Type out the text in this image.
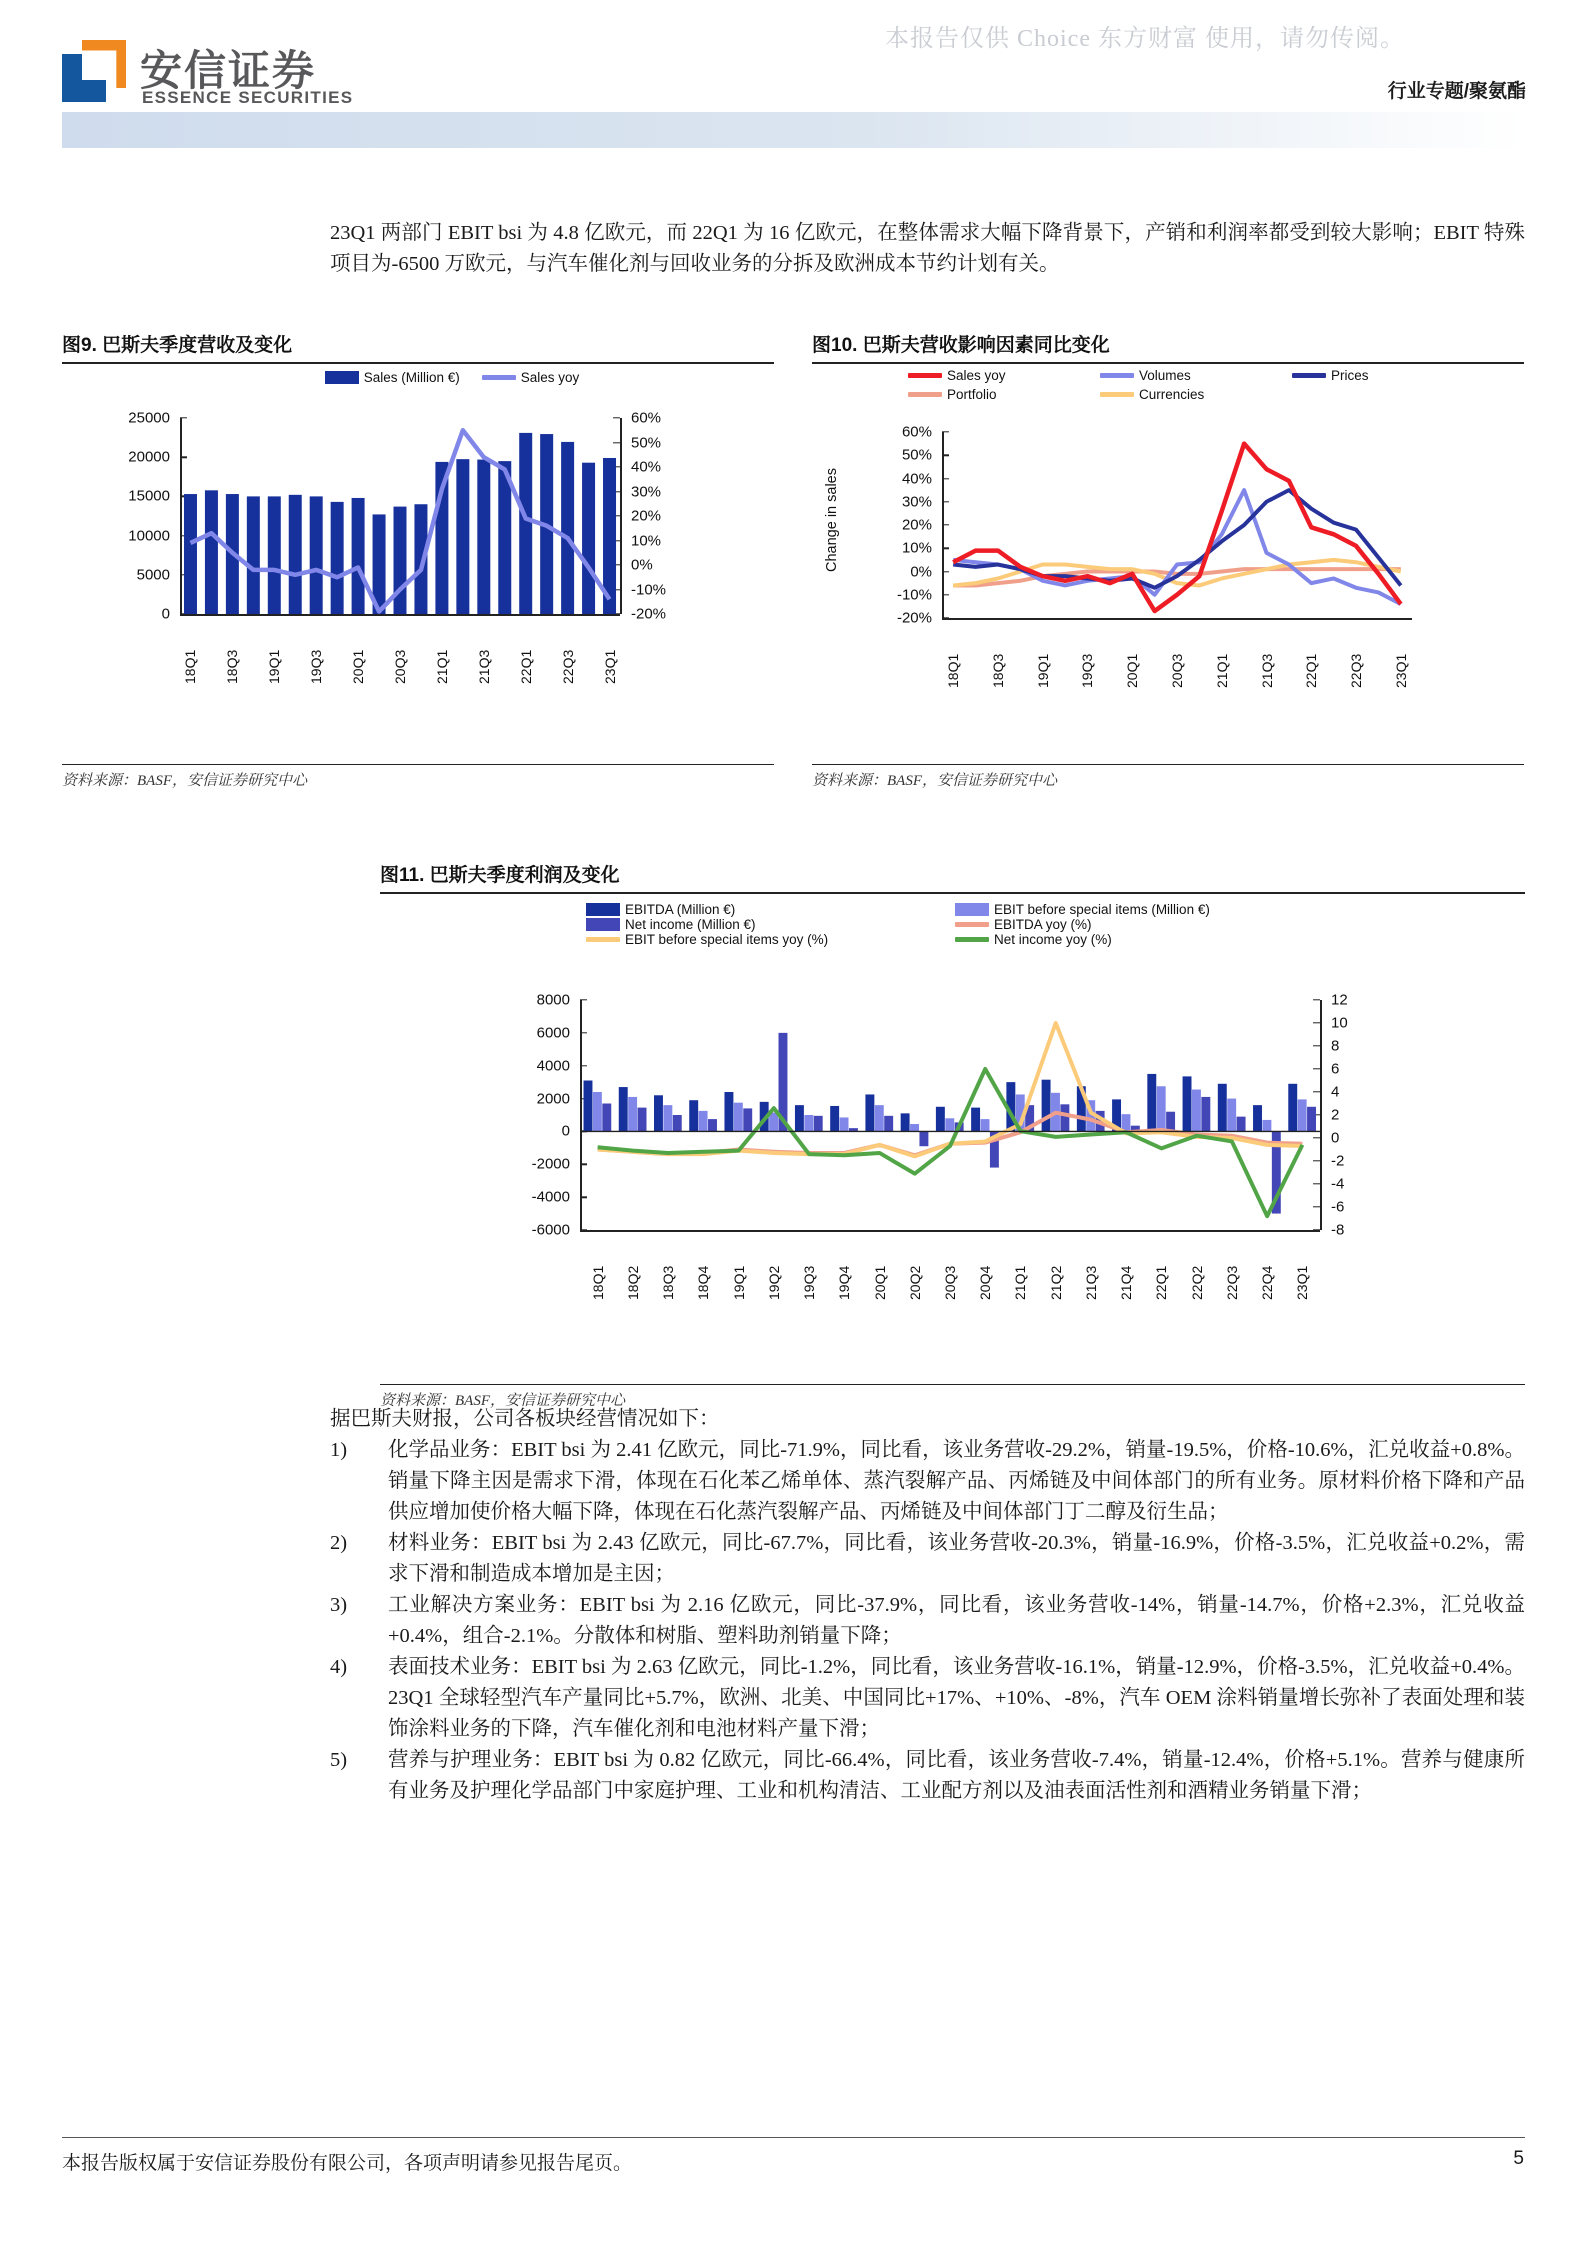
本报告仅供 Choice 东方财富 使用，请勿传阅。
安信证券
ESSENCE SECURITIES	行业专题/聚氨酯

23Q1 两部门 EBIT bsi 为 4.8 亿欧元，而 22Q1 为 16 亿欧元，在整体需求大幅下降背景下，产销和利润率都受到较大影响；EBIT 特殊项目为-6500 万欧元，与汽车催化剂与回收业务的分拆及欧洲成本节约计划有关。

图9. 巴斯夫季度营收及变化
Sales (Million €)	Sales yoy
0
5000
10000
15000
20000
25000
-20%
-10%
0%
10%
20%
30%
40%
50%
60%
18Q1 18Q3 19Q1 19Q3 20Q1 20Q3 21Q1 21Q3 22Q1 22Q3 23Q1
资料来源：BASF，安信证券研究中心
图10. 巴斯夫营收影响因素同比变化
Sales yoy	Volumes	Prices
Portfolio	Currencies
Change in sales
-20%
-10%
0%
10%
20%
30%
40%
50%
60%
18Q1 18Q3 19Q1 19Q3 20Q1 20Q3 21Q1 21Q3 22Q1 22Q3 23Q1
资料来源：BASF，安信证券研究中心
图11. 巴斯夫季度利润及变化
EBITDA (Million €)	EBIT before special items (Million €)
Net income (Million €)	EBITDA yoy (%)
EBIT before special items yoy (%)	Net income yoy (%)
-6000
-4000
-2000
0
2000
4000
6000
8000
-8
-6
-4
-2
0
2
4
6
8
10
12
18Q1 18Q2 18Q3 18Q4 19Q1 19Q2 19Q3 19Q4 20Q1 20Q2 20Q3 20Q4 21Q1 21Q2 21Q3 21Q4 22Q1 22Q2 22Q3 22Q4 23Q1
资料来源：BASF，安信证券研究中心
据巴斯夫财报，公司各板块经营情况如下：
1)	化学品业务：EBIT bsi 为 2.41 亿欧元，同比-71.9%，同比看，该业务营收-29.2%，销量-19.5%，价格-10.6%，汇兑收益+0.8%。销量下降主因是需求下滑，体现在石化苯乙烯单体、蒸汽裂解产品、丙烯链及中间体部门的所有业务。原材料价格下降和产品供应增加使价格大幅下降，体现在石化蒸汽裂解产品、丙烯链及中间体部门丁二醇及衍生品；
2)	材料业务：EBIT bsi 为 2.43 亿欧元，同比-67.7%，同比看，该业务营收-20.3%，销量-16.9%，价格-3.5%，汇兑收益+0.2%，需求下滑和制造成本增加是主因；
3)	工业解决方案业务：EBIT bsi 为 2.16 亿欧元，同比-37.9%，同比看，该业务营收-14%，销量-14.7%，价格+2.3%，汇兑收益+0.4%，组合-2.1%。分散体和树脂、塑料助剂销量下降；
4)	表面技术业务：EBIT bsi 为 2.63 亿欧元，同比-1.2%，同比看，该业务营收-16.1%，销量-12.9%，价格-3.5%，汇兑收益+0.4%。23Q1 全球轻型汽车产量同比+5.7%，欧洲、北美、中国同比+17%、+10%、-8%，汽车 OEM 涂料销量增长弥补了表面处理和装饰涂料业务的下降，汽车催化剂和电池材料产量下滑；
5)	营养与护理业务：EBIT bsi 为 0.82 亿欧元，同比-66.4%，同比看，该业务营收-7.4%，销量-12.4%，价格+5.1%。营养与健康所有业务及护理化学品部门中家庭护理、工业和机构清洁、工业配方剂以及油表面活性剂和酒精业务销量下滑；
本报告版权属于安信证券股份有限公司，各项声明请参见报告尾页。	5
